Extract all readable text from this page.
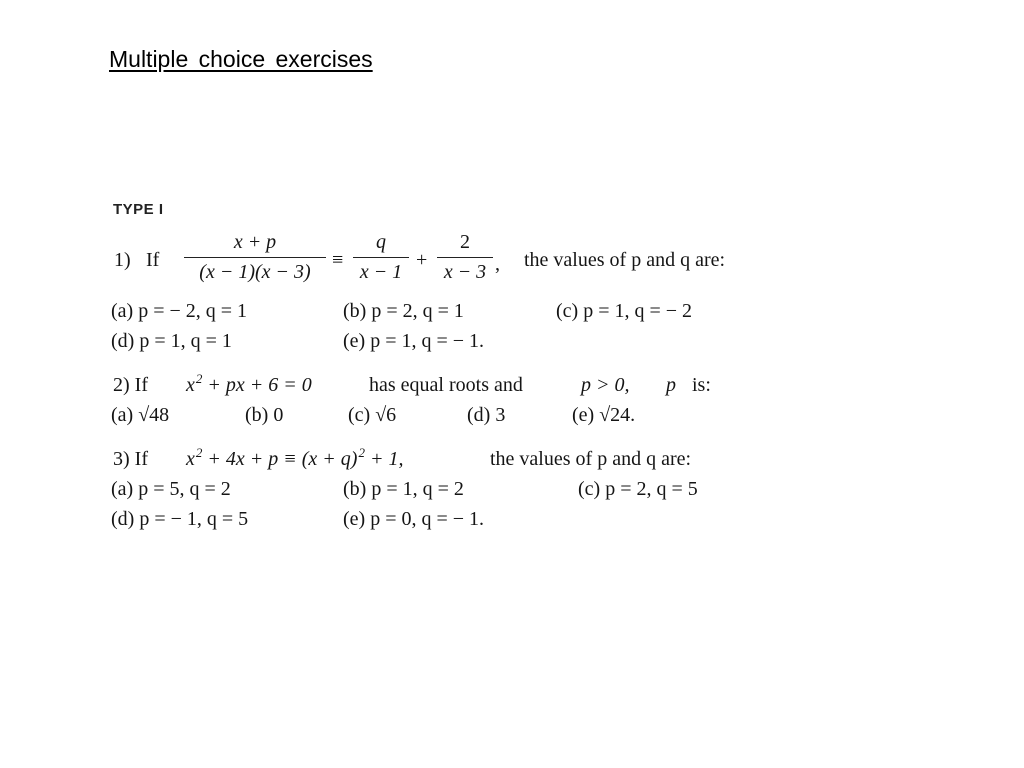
Multiple choice exercises
TYPE I
1) If
x + p
(x − 1)(x − 3)
≡
q
x − 1
+
2
x − 3 , the values of p and q are:
(a) p = − 2, q = 1	(b) p = 2, q = 1	(c) p = 1, q = − 2
(d) p = 1, q = 1	(e) p = 1, q = − 1.
2) If $x^2$ + px + 6 = 0	has equal roots and	p > 0, p is:
(a) √48	(b) 0	(c) √6	(d) 3	(e) √24.
3) If $x^2 + 4x + p \equiv (x + q)^2 + 1$,	the values of p and q are:
(a) p = 5, q = 2	(b) p = 1, q = 2	(c) p = 2, q = 5
(d) p = − 1, q = 5	(e) p = 0, q = − 1.
